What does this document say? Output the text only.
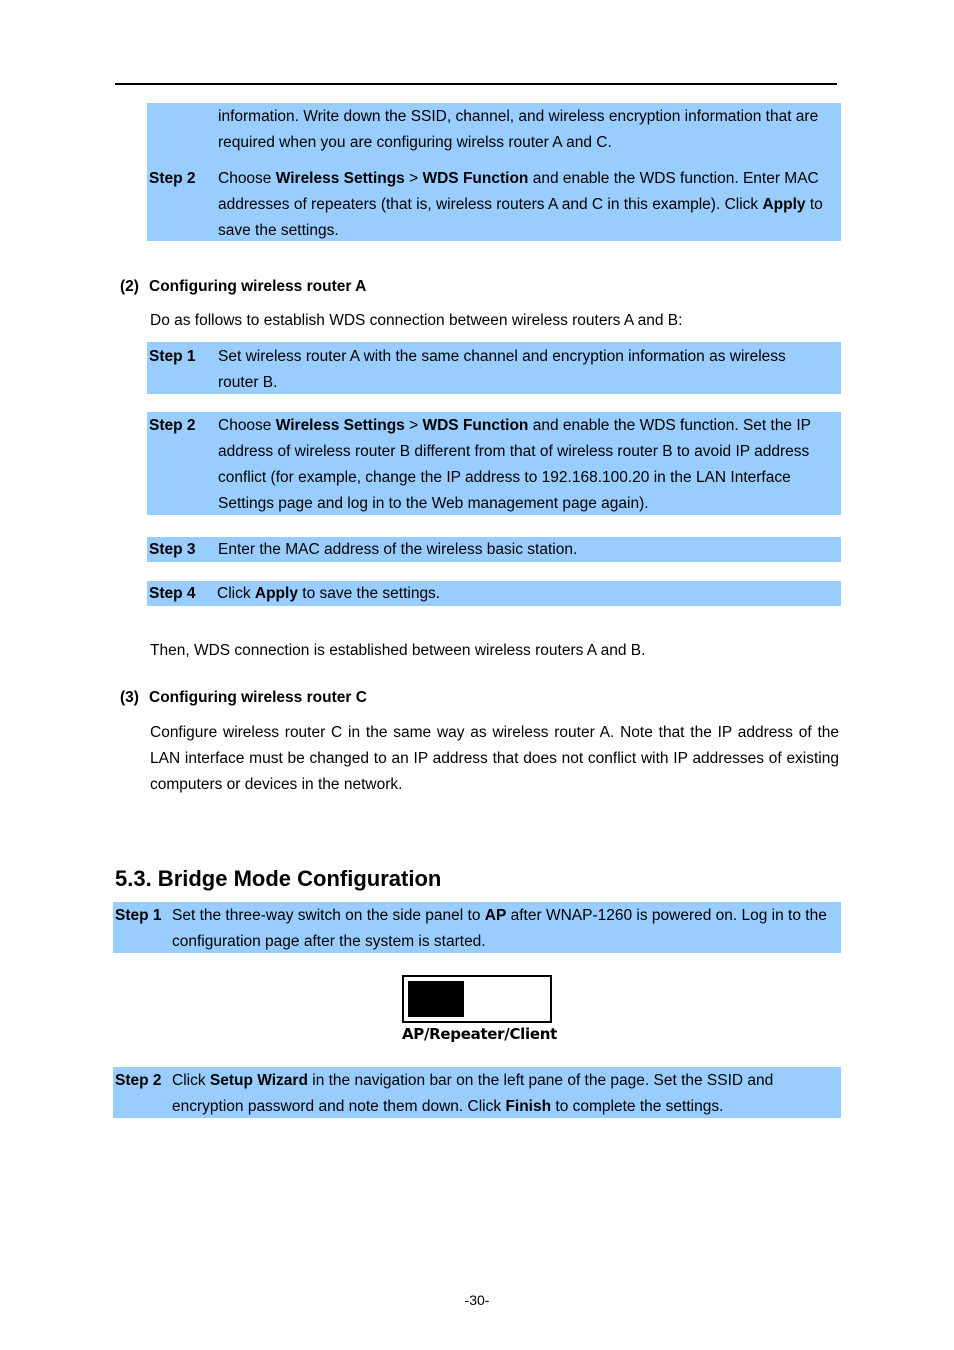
information. Write down the SSID, channel, and wireless encryption information that are required when you are configuring wirelss router A and C.
Step 2 Choose Wireless Settings > WDS Function and enable the WDS function. Enter MAC addresses of repeaters (that is, wireless routers A and C in this example). Click Apply to save the settings.
(2) Configuring wireless router A
Do as follows to establish WDS connection between wireless routers A and B:
Step 1 Set wireless router A with the same channel and encryption information as wireless router B.
Step 2 Choose Wireless Settings > WDS Function and enable the WDS function. Set the IP address of wireless router B different from that of wireless router B to avoid IP address conflict (for example, change the IP address to 192.168.100.20 in the LAN Interface Settings page and log in to the Web management page again).
Step 3 Enter the MAC address of the wireless basic station.
Step 4 Click Apply to save the settings.
Then, WDS connection is established between wireless routers A and B.
(3) Configuring wireless router C
Configure wireless router C in the same way as wireless router A. Note that the IP address of the LAN interface must be changed to an IP address that does not conflict with IP addresses of existing computers or devices in the network.
5.3. Bridge Mode Configuration
Step 1 Set the three-way switch on the side panel to AP after WNAP-1260 is powered on. Log in to the configuration page after the system is started.
AP/Repeater/Client
Step 2 Click Setup Wizard in the navigation bar on the left pane of the page. Set the SSID and encryption password and note them down. Click Finish to complete the settings.
-30-
